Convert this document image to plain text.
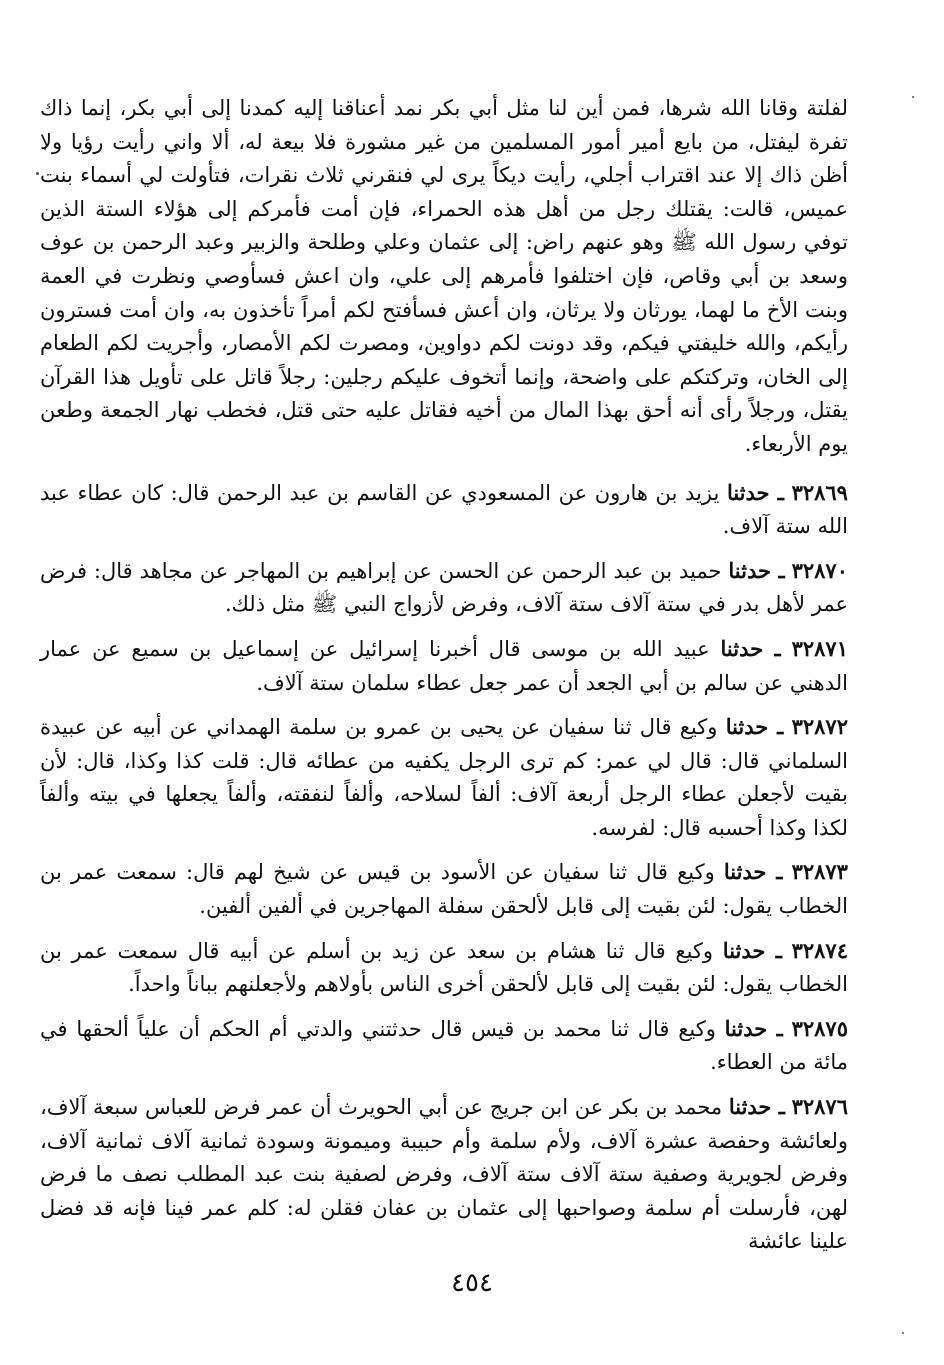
لفلتة وقانا الله شرها، فمن أين لنا مثل أبي بكر نمد أعناقنا إليه كمدنا إلى أبي بكر، إنما ذاك تفرة ليفتل، من بايع أمير أمور المسلمين من غير مشورة فلا بيعة له، ألا واني رأيت رؤيا ولا أظن ذاك إلا عند اقتراب أجلي، رأيت ديكاً يرى لي فنقرني ثلاث نقرات، فتأولت لي أسماء بنت عميس، قالت: يقتلك رجل من أهل هذه الحمراء، فإن أمت فأمركم إلى هؤلاء الستة الذين توفي رسول الله ﷺ وهو عنهم راض: إلى عثمان وعلي وطلحة والزبير وعبد الرحمن بن عوف وسعد بن أبي وقاص، فإن اختلفوا فأمرهم إلى علي، وان اعش فسأوصي ونظرت في العمة وبنت الأخ ما لهما، يورثان ولا يرثان، وان أعش فسأفتح لكم أمراً تأخذون به، وان أمت فسترون رأيكم، والله خليفتي فيكم، وقد دونت لكم دواوين، ومصرت لكم الأمصار، وأجريت لكم الطعام إلى الخان، وتركتكم على واضحة، وإنما أتخوف عليكم رجلين: رجلاً قاتل على تأويل هذا القرآن يقتل، ورجلاً رأى أنه أحق بهذا المال من أخيه فقاتل عليه حتى قتل، فخطب نهار الجمعة وطعن يوم الأربعاء.

٣٢٨٦٩ ـ حدثنا يزيد بن هارون عن المسعودي عن القاسم بن عبد الرحمن قال: كان عطاء عبد الله ستة آلاف.

٣٢٨٧٠ ـ حدثنا حميد بن عبد الرحمن عن الحسن عن إبراهيم بن المهاجر عن مجاهد قال: فرض عمر لأهل بدر في ستة آلاف ستة آلاف، وفرض لأزواج النبي ﷺ مثل ذلك.

٣٢٨٧١ ـ حدثنا عبيد الله بن موسى قال أخبرنا إسرائيل عن إسماعيل بن سميع عن عمار الدهني عن سالم بن أبي الجعد أن عمر جعل عطاء سلمان ستة آلاف.

٣٢٨٧٢ ـ حدثنا وكيع قال ثنا سفيان عن يحيى بن عمرو بن سلمة الهمداني عن أبيه عن عبيدة السلماني قال: قال لي عمر: كم ترى الرجل يكفيه من عطائه قال: قلت كذا وكذا، قال: لأن بقيت لأجعلن عطاء الرجل أربعة آلاف: ألفاً لسلاحه، وألفاً لنفقته، وألفاً يجعلها في بيته وألفاً لكذا وكذا أحسبه قال: لفرسه.

٣٢٨٧٣ ـ حدثنا وكيع قال ثنا سفيان عن الأسود بن قيس عن شيخ لهم قال: سمعت عمر بن الخطاب يقول: لئن بقيت إلى قابل لألحقن سفلة المهاجرين في ألفين ألفين.

٣٢٨٧٤ ـ حدثنا وكيع قال ثنا هشام بن سعد عن زيد بن أسلم عن أبيه قال سمعت عمر بن الخطاب يقول: لئن بقيت إلى قابل لألحقن أخرى الناس بأولاهم ولأجعلنهم بباناً واحداً.

٣٢٨٧٥ ـ حدثنا وكيع قال ثنا محمد بن قيس قال حدثتني والدتي أم الحكم أن علياً ألحقها في مائة من العطاء.

٣٢٨٧٦ ـ حدثنا محمد بن بكر عن ابن جريج عن أبي الحويرث أن عمر فرض للعباس سبعة آلاف، ولعائشة وحفصة عشرة آلاف، ولأم سلمة وأم حبيبة وميمونة وسودة ثمانية آلاف ثمانية آلاف، وفرض لجويرية وصفية ستة آلاف ستة آلاف، وفرض لصفية بنت عبد المطلب نصف ما فرض لهن، فأرسلت أم سلمة وصواحبها إلى عثمان بن عفان فقلن له: كلم عمر فينا فإنه قد فضل علينا عائشة

٤٥٤
